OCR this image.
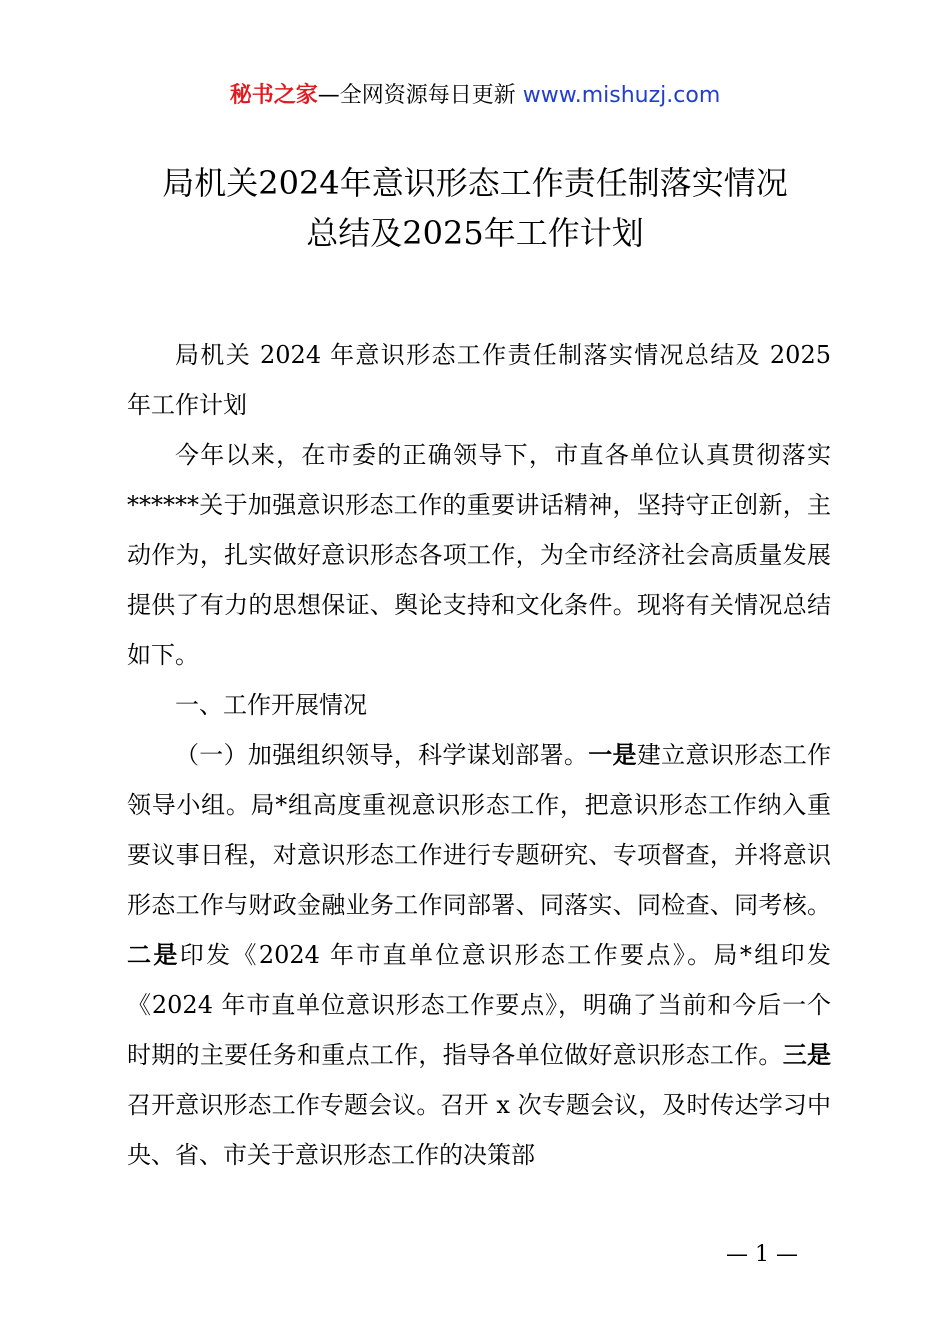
秘书之家—全网资源每日更新 www.mishuzj.com
局机关2024年意识形态工作责任制落实情况
总结及2025年工作计划

局机关 2024 年意识形态工作责任制落实情况总结及 2025 年工作计划

今年以来，在市委的正确领导下，市直各单位认真贯彻落实******关于加强意识形态工作的重要讲话精神，坚持守正创新，主动作为，扎实做好意识形态各项工作，为全市经济社会高质量发展提供了有力的思想保证、舆论支持和文化条件。现将有关情况总结如下。

一、工作开展情况

（一）加强组织领导，科学谋划部署。一是建立意识形态工作领导小组。局*组高度重视意识形态工作，把意识形态工作纳入重要议事日程，对意识形态工作进行专题研究、专项督查，并将意识形态工作与财政金融业务工作同部署、同落实、同检查、同考核。二是印发《2024 年市直单位意识形态工作要点》。局*组印发《2024 年市直单位意识形态工作要点》，明确了当前和今后一个时期的主要任务和重点工作，指导各单位做好意识形态工作。三是召开意识形态工作专题会议。召开 x 次专题会议，及时传达学习中央、省、市关于意识形态工作的决策部

— 1 —
